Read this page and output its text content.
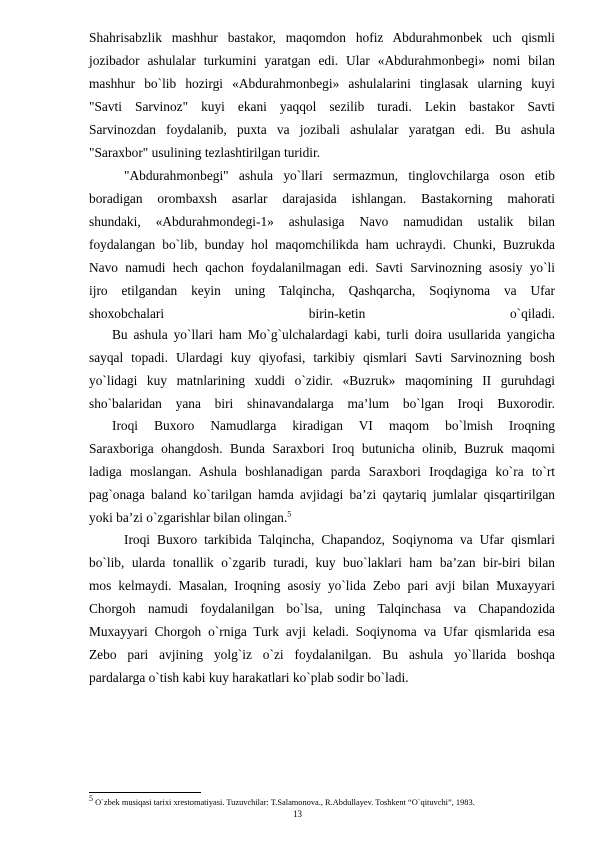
Shahrisabzlik mashhur bastakor, maqomdon hofiz Abdurahmonbek uch qismli
jozibador ashulalar turkumini yaratgan edi. Ular «Abdurahmonbegi» nomi bilan
mashhur bo`lib hozirgi «Abdurahmonbegi» ashulalarini tinglasak ularning kuyi
"Savti Sarvinoz" kuyi ekani yaqqol sezilib turadi. Lekin bastakor Savti
Sarvinozdan foydalanib, puxta va jozibali ashulalar yaratgan edi. Bu ashula
"Saraxbor" usulining tezlashtirilgan turidir.
"Abdurahmonbegi" ashula yo`llari sermazmun, tinglovchilarga oson etib
boradigan orombaxsh asarlar darajasida ishlangan. Bastakorning mahorati
shundaki, «Abdurahmondegi-1» ashulasiga Navo namudidan ustalik bilan
foydalangan bo`lib, bunday hol maqomchilikda ham uchraydi. Chunki, Buzrukda
Navo namudi hech qachon foydalanilmagan edi. Savti Sarvinozning asosiy yo`li
ijro etilgandan keyin uning Talqincha, Qashqarcha, Soqiynoma va Ufar
shoxobchalari birin-ketin o`qiladi.
Bu ashula yo`llari ham Mo`g`ulchalardagi kabi, turli doira usullarida yangicha
sayqal topadi. Ulardagi kuy qiyofasi, tarkibiy qismlari Savti Sarvinozning bosh
yo`lidagi kuy matnlarining xuddi o`zidir. «Buzruk» maqomining II guruhdagi
sho`balaridan yana biri shinavandalarga ma’lum bo`lgan Iroqi Buxorodir.
Iroqi Buxoro Namudlarga kiradigan VI maqom bo`lmish Iroqning
Saraxboriga ohangdosh. Bunda Saraxbori Iroq butunicha olinib, Buzruk maqomi
ladiga moslangan. Ashula boshlanadigan parda Saraxbori Iroqdagiga ko`ra to`rt
pag`onaga baland ko`tarilgan hamda avjidagi ba’zi qaytariq jumlalar qisqartirilgan
yoki ba’zi o`zgarishlar bilan olingan.$^5$
Iroqi Buxoro tarkibida Talqincha, Chapandoz, Soqiynoma va Ufar qismlari
bo`lib, ularda tonallik o`zgarib turadi, kuy buo`laklari ham ba’zan bir-biri bilan
mos kelmaydi. Masalan, Iroqning asosiy yo`lida Zebo pari avji bilan Muxayyari
Chorgoh namudi foydalanilgan bo`lsa, uning Talqinchasa va Chapandozida
Muxayyari Chorgoh o`rniga Turk avji keladi. Soqiynoma va Ufar qismlarida esa
Zebo pari avjining yolg`iz o`zi foydalanilgan. Bu ashula yo`llarida boshqa
pardalarga o`tish kabi kuy harakatlari ko`plab sodir bo`ladi.
5 O`zbek musiqasi tarixi xrestomatiyasi. Tuzuvchilar: T.Salamonova., R.Abdullayev. Toshkent “O`qituvchi”, 1983.
13
